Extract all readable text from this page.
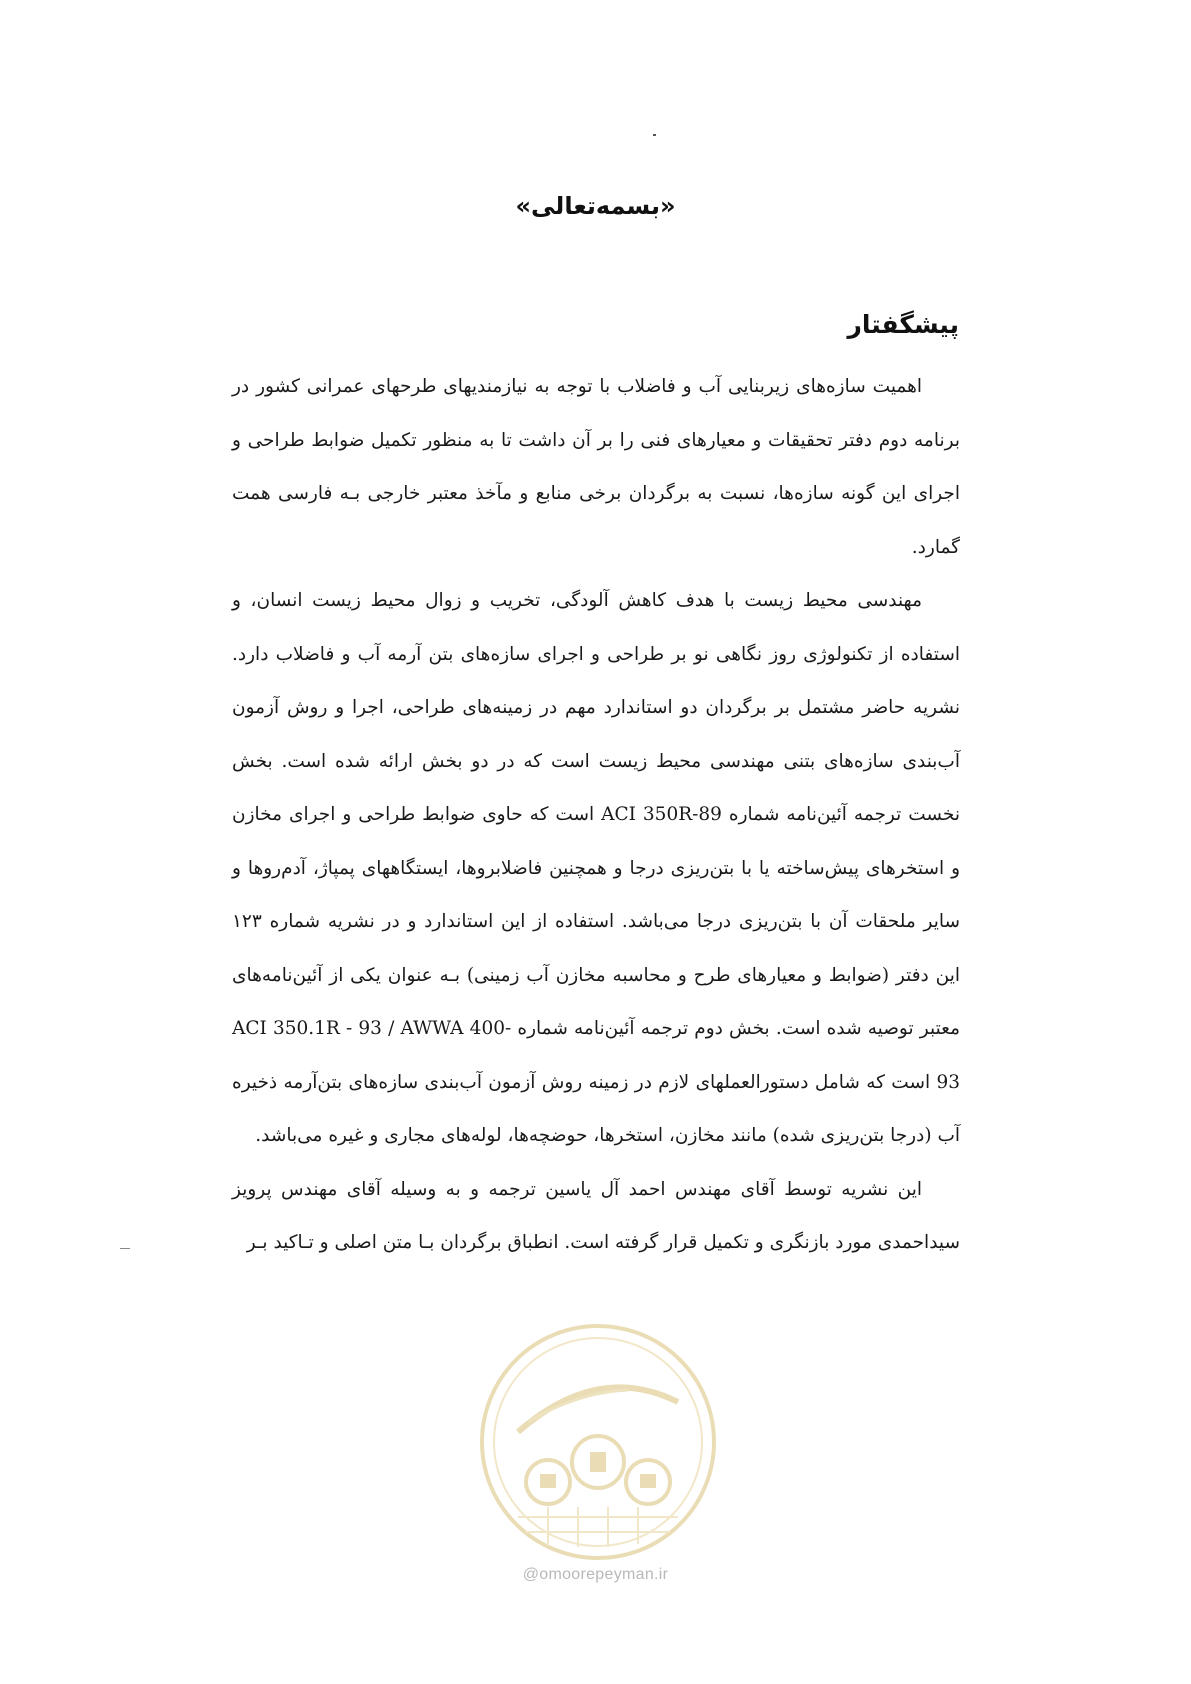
«بسمه‌تعالی»
پیشگفتار

اهمیت سازه‌های زیربنایی آب و فاضلاب با توجه به نیازمندیهای طرحهای عمرانی کشور در برنامه دوم دفتر تحقیقات و معیارهای فنی را بر آن داشت تا به منظور تکمیل ضوابط طراحی و اجرای این گونه سازه‌ها، نسبت به برگردان برخی منابع و مآخذ معتبر خارجی بـه فارسی همت گمارد.

مهندسی محیط زیست با هدف کاهش آلودگی، تخریب و زوال محیط زیست انسان، و استفاده از تکنولوژی روز نگاهی نو بر طراحی و اجرای سازه‌های بتن آرمه آب و فاضلاب دارد. نشریه حاضر مشتمل بر برگردان دو استاندارد مهم در زمینه‌های طراحی، اجرا و روش آزمون آب‌بندی سازه‌های بتنی مهندسی محیط زیست است که در دو بخش ارائه شده است. بخش نخست ترجمه آئین‌نامه شماره ACI 350R-89 است که حاوی ضوابط طراحی و اجرای مخازن و استخرهای پیش‌ساخته یا با بتن‌ریزی درجا و همچنین فاضلابروها، ایستگاههای پمپاژ، آدم‌روها و سایر ملحقات آن با بتن‌ریزی درجا می‌باشد. استفاده از این استاندارد و در نشریه شماره ۱۲۳ این دفتر (ضوابط و معیارهای طرح و محاسبه مخازن آب زمینی) بـه عنوان یکی از آئین‌نامه‌های معتبر توصیه شده است. بخش دوم ترجمه آئین‌نامه شماره ACI 350.1R - 93 / AWWA 400-93 است که شامل دستورالعملهای لازم در زمینه روش آزمون آب‌بندی سازه‌های بتن‌آرمه ذخیره آب (درجا بتن‌ریزی شده) مانند مخازن، استخرها، حوضچه‌ها، لوله‌های مجاری و غیره می‌باشد.

این نشریه توسط آقای مهندس احمد آل یاسین ترجمه و به وسیله آقای مهندس پرویز سیداحمدی مورد بازنگری و تکمیل قرار گرفته است. انطباق برگردان بـا متن اصلی و تـاکید بـر

@omoorepeyman.ir
